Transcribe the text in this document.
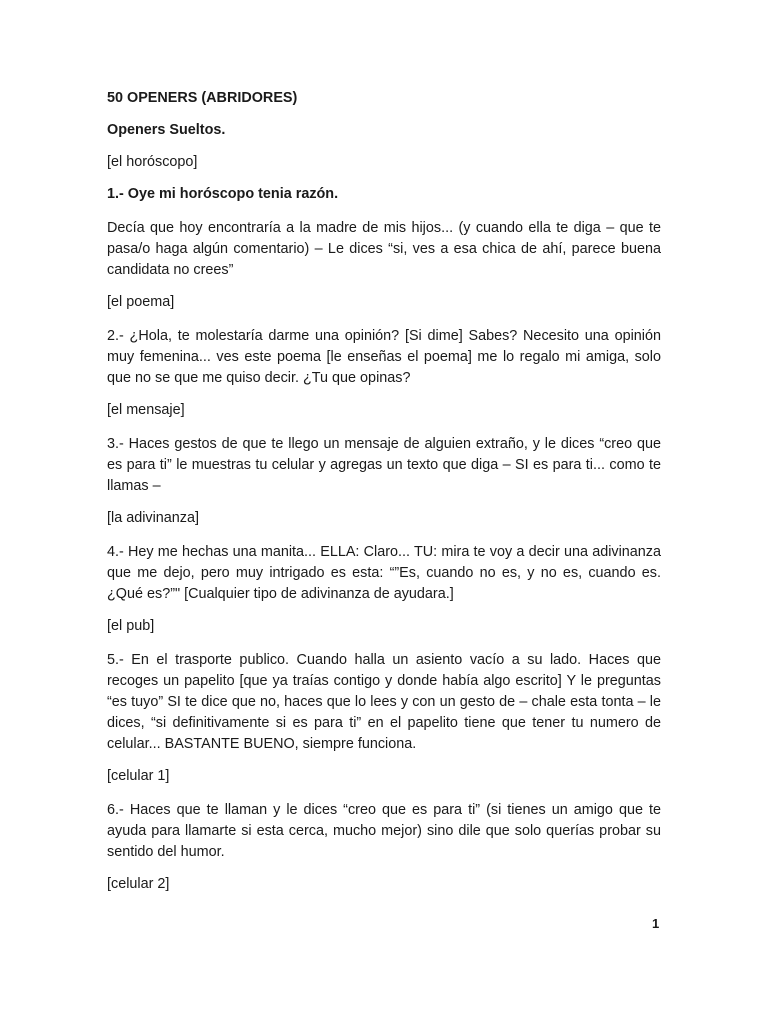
50 OPENERS (ABRIDORES)

Openers Sueltos.

[el horóscopo]

1.- Oye mi horóscopo tenia razón.

Decía que hoy encontraría a la madre de mis hijos... (y cuando ella te diga – que te pasa/o haga algún comentario) – Le dices “si, ves a esa chica de ahí, parece buena candidata no crees”

[el poema]

2.- ¿Hola, te molestaría darme una opinión? [Si dime] Sabes? Necesito una opinión muy femenina... ves este poema [le enseñas el poema] me lo regalo mi amiga, solo que no se que me quiso decir. ¿Tu que opinas?

[el mensaje]

3.- Haces gestos de que te llego un mensaje de alguien extraño, y le dices “creo que es para ti” le muestras tu celular y agregas un texto que diga – SI es para ti... como te llamas –

[la adivinanza]

4.- Hey me hechas una manita... ELLA: Claro... TU: mira te voy a decir una adivinanza que me dejo, pero muy intrigado es esta: “”Es, cuando no es, y no es, cuando es. ¿Qué es?”" [Cualquier tipo de adivinanza de ayudara.]

[el pub]

5.- En el trasporte publico. Cuando halla un asiento vacío a su lado. Haces que recoges un papelito [que ya traías contigo y donde había algo escrito] Y le preguntas “es tuyo” SI te dice que no, haces que lo lees y con un gesto de – chale esta tonta – le dices, “si definitivamente si es para ti” en el papelito tiene que tener tu numero de celular... BASTANTE BUENO, siempre funciona.

[celular 1]

6.- Haces que te llaman y le dices “creo que es para ti” (si tienes un amigo que te ayuda para llamarte si esta cerca, mucho mejor) sino dile que solo querías probar su sentido del humor.

[celular 2]

1
